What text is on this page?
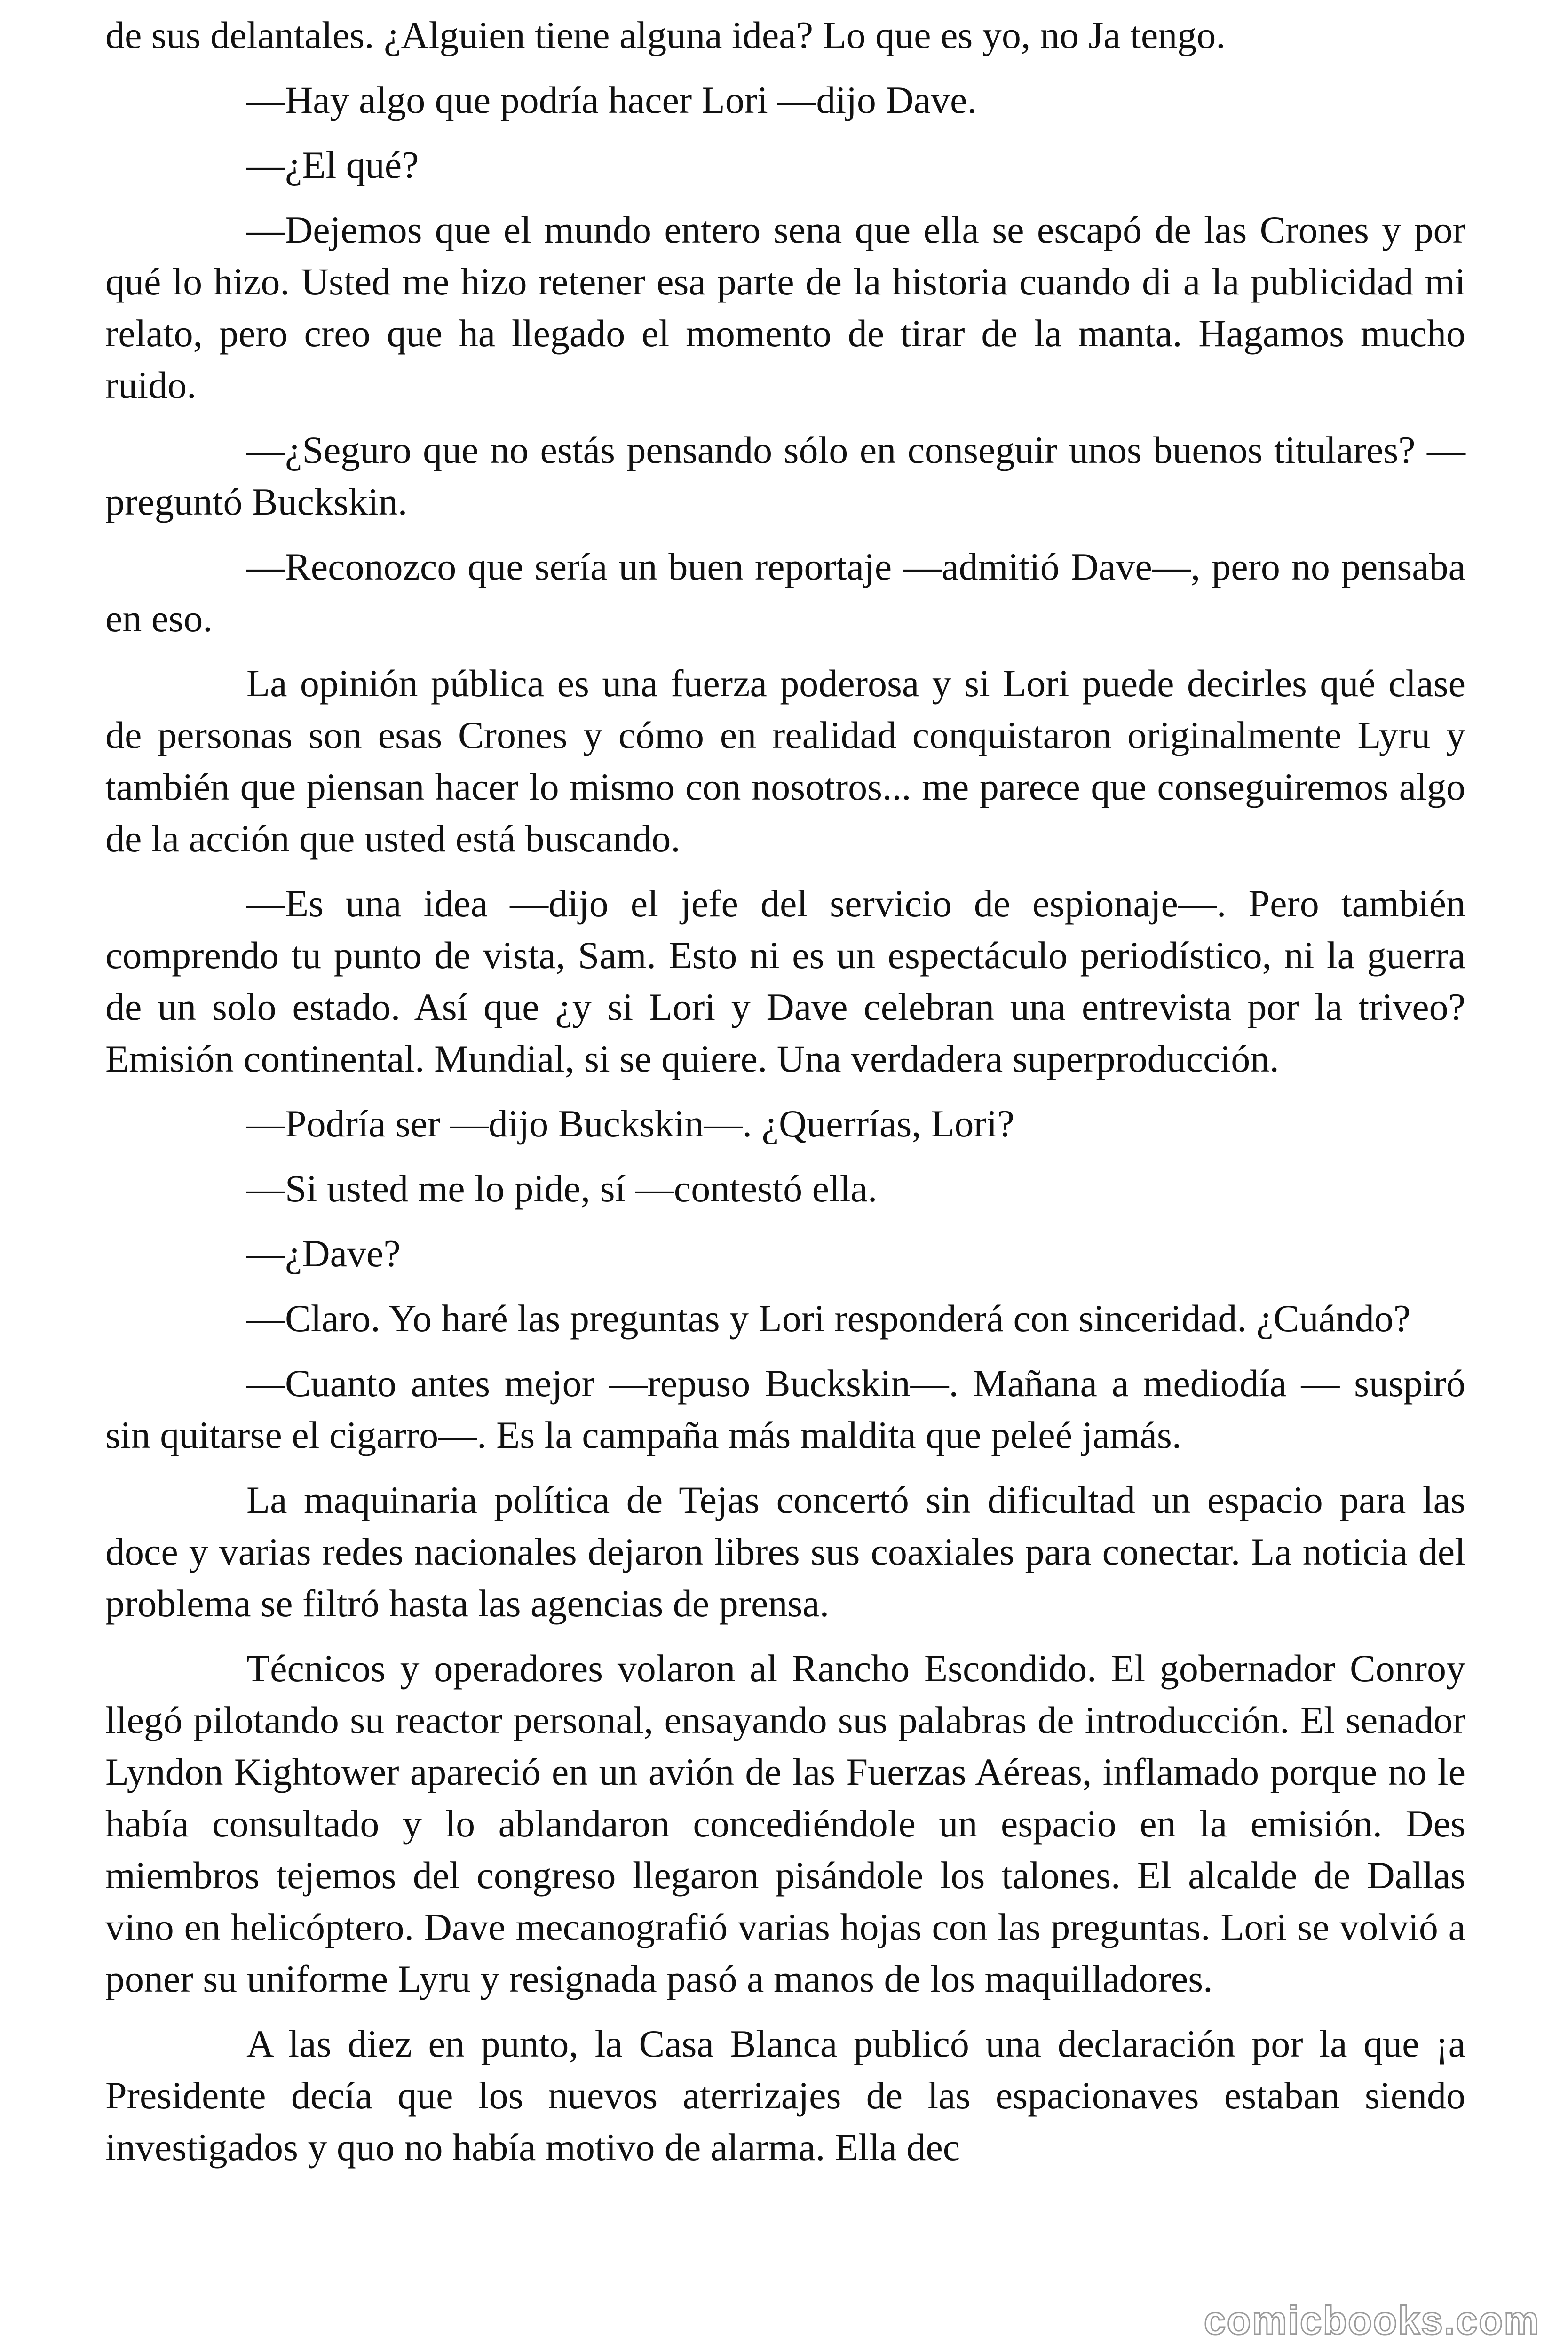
de sus delantales. ¿Alguien tiene alguna idea? Lo que es yo, no Ja tengo.

—Hay algo que podría hacer Lori —dijo Dave.

—¿El qué?

—Dejemos que el mundo entero sena que ella se escapó de las Crones y por qué lo hizo. Usted me hizo retener esa parte de la historia cuando di a la publicidad mi relato, pero creo que ha llegado el momento de tirar de la manta. Hagamos mucho ruido.

—¿Seguro que no estás pensando sólo en conseguir unos buenos titulares? — preguntó Buckskin.

—Reconozco que sería un buen reportaje —admitió Dave—, pero no pensaba en eso.

La opinión pública es una fuerza poderosa y si Lori puede decirles qué clase de personas son esas Crones y cómo en realidad conquistaron originalmente Lyru y también que piensan hacer lo mismo con nosotros... me parece que conseguiremos algo de la acción que usted está buscando.

—Es una idea —dijo el jefe del servicio de espionaje—. Pero también comprendo tu punto de vista, Sam. Esto ni es un espectáculo periodístico, ni la guerra de un solo estado. Así que ¿y si Lori y Dave celebran una entrevista por la triveo? Emisión continental. Mundial, si se quiere. Una verdadera superproducción.

—Podría ser —dijo Buckskin—. ¿Querrías, Lori?

—Si usted me lo pide, sí —contestó ella.

—¿Dave?

—Claro. Yo haré las preguntas y Lori responderá con sinceridad. ¿Cuándo?

—Cuanto antes mejor —repuso Buckskin—. Mañana a mediodía — suspiró sin quitarse el cigarro—. Es la campaña más maldita que peleé jamás.

La maquinaria política de Tejas concertó sin dificultad un espacio para las doce y varias redes nacionales dejaron libres sus coaxiales para conectar. La noticia del problema se filtró hasta las agencias de prensa.

Técnicos y operadores volaron al Rancho Escondido. El gobernador Conroy llegó pilotando su reactor personal, ensayando sus palabras de introducción. El senador Lyndon Kightower apareció en un avión de las Fuerzas Aéreas, inflamado porque no le había consultado y lo ablandaron concediéndole un espacio en la emisión. Des miembros tejemos del congreso llegaron pisándole los talones. El alcalde de Dallas vino en helicóptero. Dave mecanografió varias hojas con las preguntas. Lori se volvió a poner su uniforme Lyru y resignada pasó a manos de los maquilladores.

A las diez en punto, la Casa Blanca publicó una declaración por la que ¡a Presidente decía que los nuevos aterrizajes de las espacionaves estaban siendo investigados y quo no había motivo de alarma. Ella dec

comicbooks.com
